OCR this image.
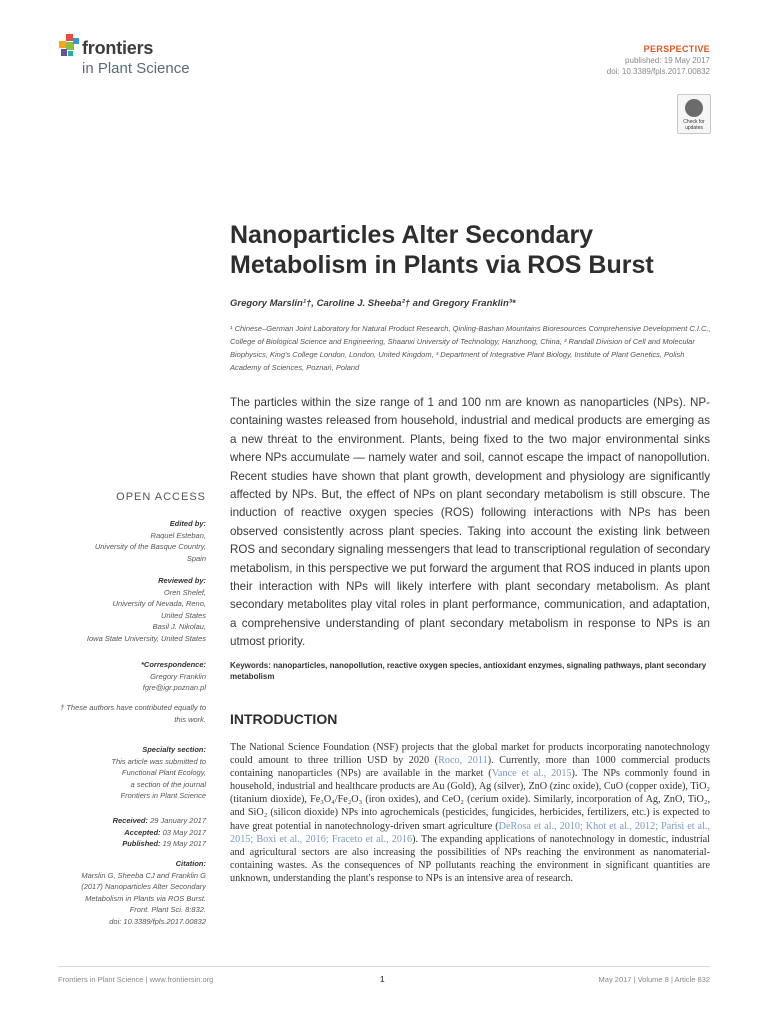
frontiers
in Plant Science
PERSPECTIVE
published: 19 May 2017
doi: 10.3389/fpls.2017.00832
Check for updates
Nanoparticles Alter Secondary Metabolism in Plants via ROS Burst
Gregory Marslin¹†, Caroline J. Sheeba²† and Gregory Franklin³*
¹ Chinese–German Joint Laboratory for Natural Product Research, Qinling-Bashan Mountains Bioresources Comprehensive Development C.I.C., College of Biological Science and Engineering, Shaanxi University of Technology, Hanzhong, China, ² Randall Division of Cell and Molecular Biophysics, King's College London, London, United Kingdom, ³ Department of Integrative Plant Biology, Institute of Plant Genetics, Polish Academy of Sciences, Poznań, Poland
The particles within the size range of 1 and 100 nm are known as nanoparticles (NPs). NP-containing wastes released from household, industrial and medical products are emerging as a new threat to the environment. Plants, being fixed to the two major environmental sinks where NPs accumulate — namely water and soil, cannot escape the impact of nanopollution. Recent studies have shown that plant growth, development and physiology are significantly affected by NPs. But, the effect of NPs on plant secondary metabolism is still obscure. The induction of reactive oxygen species (ROS) following interactions with NPs has been observed consistently across plant species. Taking into account the existing link between ROS and secondary signaling messengers that lead to transcriptional regulation of secondary metabolism, in this perspective we put forward the argument that ROS induced in plants upon their interaction with NPs will likely interfere with plant secondary metabolism. As plant secondary metabolites play vital roles in plant performance, communication, and adaptation, a comprehensive understanding of plant secondary metabolism in response to NPs is an utmost priority.
Keywords: nanoparticles, nanopollution, reactive oxygen species, antioxidant enzymes, signaling pathways, plant secondary metabolism
INTRODUCTION
The National Science Foundation (NSF) projects that the global market for products incorporating nanotechnology could amount to three trillion USD by 2020 (Roco, 2011). Currently, more than 1000 commercial products containing nanoparticles (NPs) are available in the market (Vance et al., 2015). The NPs commonly found in household, industrial and healthcare products are Au (Gold), Ag (silver), ZnO (zinc oxide), CuO (copper oxide), TiO₂ (titanium dioxide), Fe₃O₄/Fe₂O₃ (iron oxides), and CeO₂ (cerium oxide). Similarly, incorporation of Ag, ZnO, TiO₂, and SiO₂ (silicon dioxide) NPs into agrochemicals (pesticides, fungicides, herbicides, fertilizers, etc.) is expected to have great potential in nanotechnology-driven smart agriculture (DeRosa et al., 2010; Khot et al., 2012; Parisi et al., 2015; Boxi et al., 2016; Fraceto et al., 2016). The expanding applications of nanotechnology in domestic, industrial and agricultural sectors are also increasing the possibilities of NPs reaching the environment as nanomaterial-containing wastes. As the consequences of NP pollutants reaching the environment in significant quantities are unknown, understanding the plant's response to NPs is an intensive area of research.
OPEN ACCESS
Edited by:
Raquel Esteban,
University of the Basque Country,
Spain
Reviewed by:
Oren Shelef,
University of Nevada, Reno,
United States
Basil J. Nikolau,
Iowa State University, United States
*Correspondence:
Gregory Franklin
fgre@igr.poznan.pl
† These authors have contributed equally to this work.
Specialty section:
This article was submitted to
Functional Plant Ecology,
a section of the journal
Frontiers in Plant Science
Received: 29 January 2017
Accepted: 03 May 2017
Published: 19 May 2017
Citation:
Marslin G, Sheeba CJ and Franklin G
(2017) Nanoparticles Alter Secondary
Metabolism in Plants via ROS Burst.
Front. Plant Sci. 8:832.
doi: 10.3389/fpls.2017.00832
Frontiers in Plant Science | www.frontiersin.org	1	May 2017 | Volume 8 | Article 832
